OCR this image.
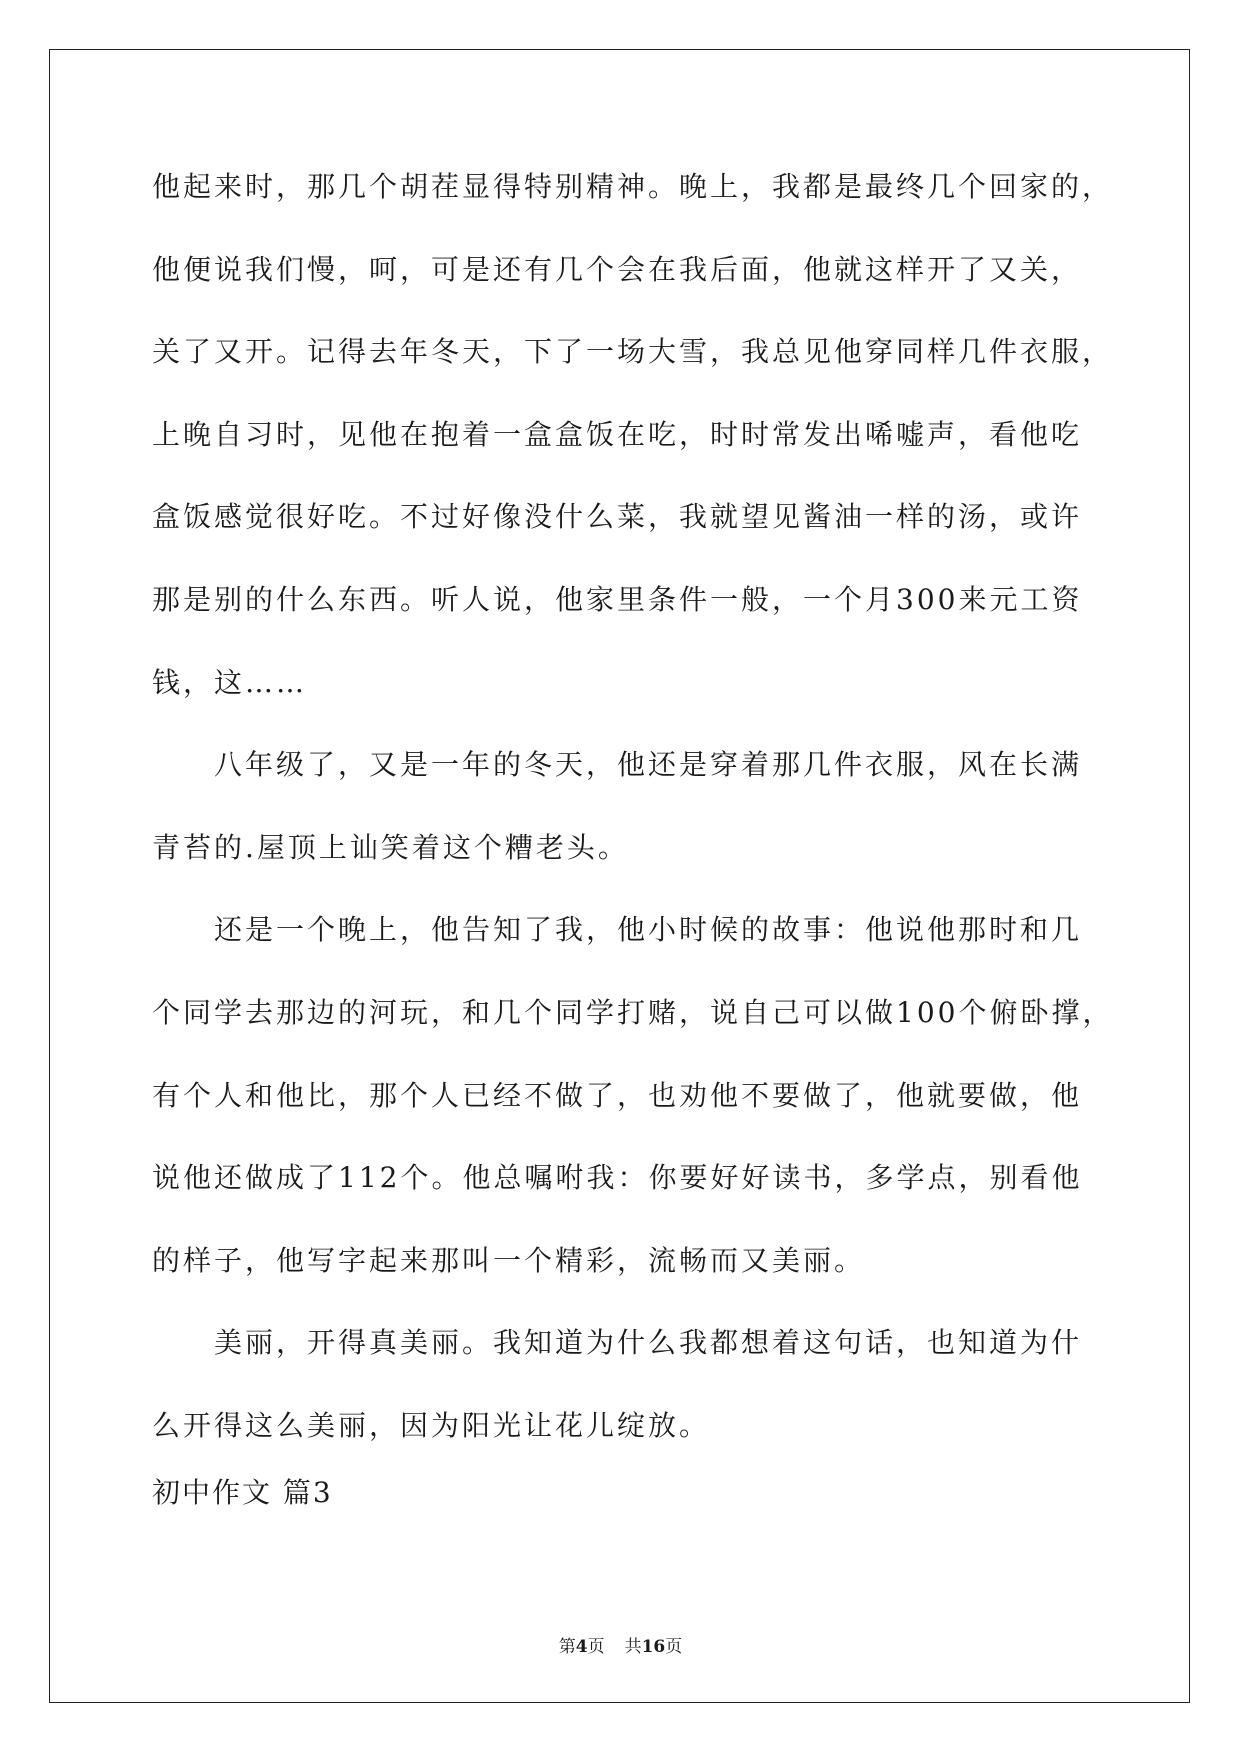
他起来时，那几个胡茬显得特别精神。晚上，我都是最终几个回家的，
他便说我们慢，呵，可是还有几个会在我后面，他就这样开了又关，
关了又开。记得去年冬天，下了一场大雪，我总见他穿同样几件衣服，
上晚自习时，见他在抱着一盒盒饭在吃，时时常发出唏嘘声，看他吃
盒饭感觉很好吃。不过好像没什么菜，我就望见酱油一样的汤，或许
那是别的什么东西。听人说，他家里条件一般，一个月300来元工资
钱，这……
八年级了，又是一年的冬天，他还是穿着那几件衣服，风在长满
青苔的.屋顶上讪笑着这个糟老头。
还是一个晚上，他告知了我，他小时候的故事：他说他那时和几
个同学去那边的河玩，和几个同学打赌，说自己可以做100个俯卧撑，
有个人和他比，那个人已经不做了，也劝他不要做了，他就要做，他
说他还做成了112个。他总嘱咐我：你要好好读书，多学点，别看他
的样子，他写字起来那叫一个精彩，流畅而又美丽。
美丽，开得真美丽。我知道为什么我都想着这句话，也知道为什
么开得这么美丽，因为阳光让花儿绽放。
初中作文 篇3
第4页 共16页
